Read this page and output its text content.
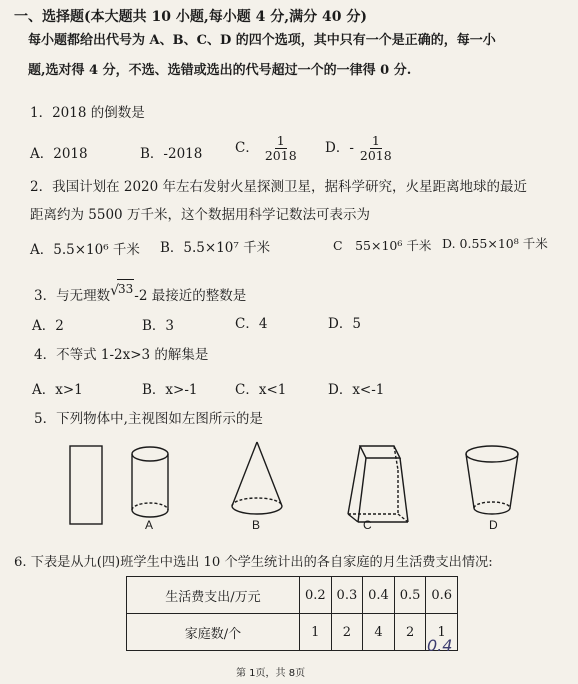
一、选择题(本大题共 10 小题,每小题 4 分,满分 40 分)
每小题都给出代号为 A、B、C、D 的四个选项，其中只有一个是正确的，每一小
题,选对得 4 分，不选、选错或选出的代号超过一个的一律得 0 分.
1．2018 的倒数是
A．2018	B．-2018 C． $\frac{1}{2018}$ D．- $\frac{1}{2018}$
2．我国计划在 2020 年左右发射火星探测卫星，据科学研究，火星距离地球的最近
距离约为 5500 万千米，这个数据用科学记数法可表示为
A．5.5×10⁶ 千米 B．5.5×10⁷ 千米	C　55×10⁶ 千米 D. 0.55×10⁸ 千米
3．与无理数√33-2 最接近的整数是
A．2	B．3	C．4	D．5
4．不等式 1-2x>3 的解集是
A．x>1	B．x>-1	C．x<1	D．x<-1
5．下列物体中,主视图如左图所示的是
A	B	C	D
6. 下表是从九(四)班学生中选出 10 个学生统计出的各自家庭的月生活费支出情况:
生活费支出/万元	0.2	0.3	0.4	0.5	0.6
家庭数/个	1	2	4	2	1
0.4
第 1页，共 8页
